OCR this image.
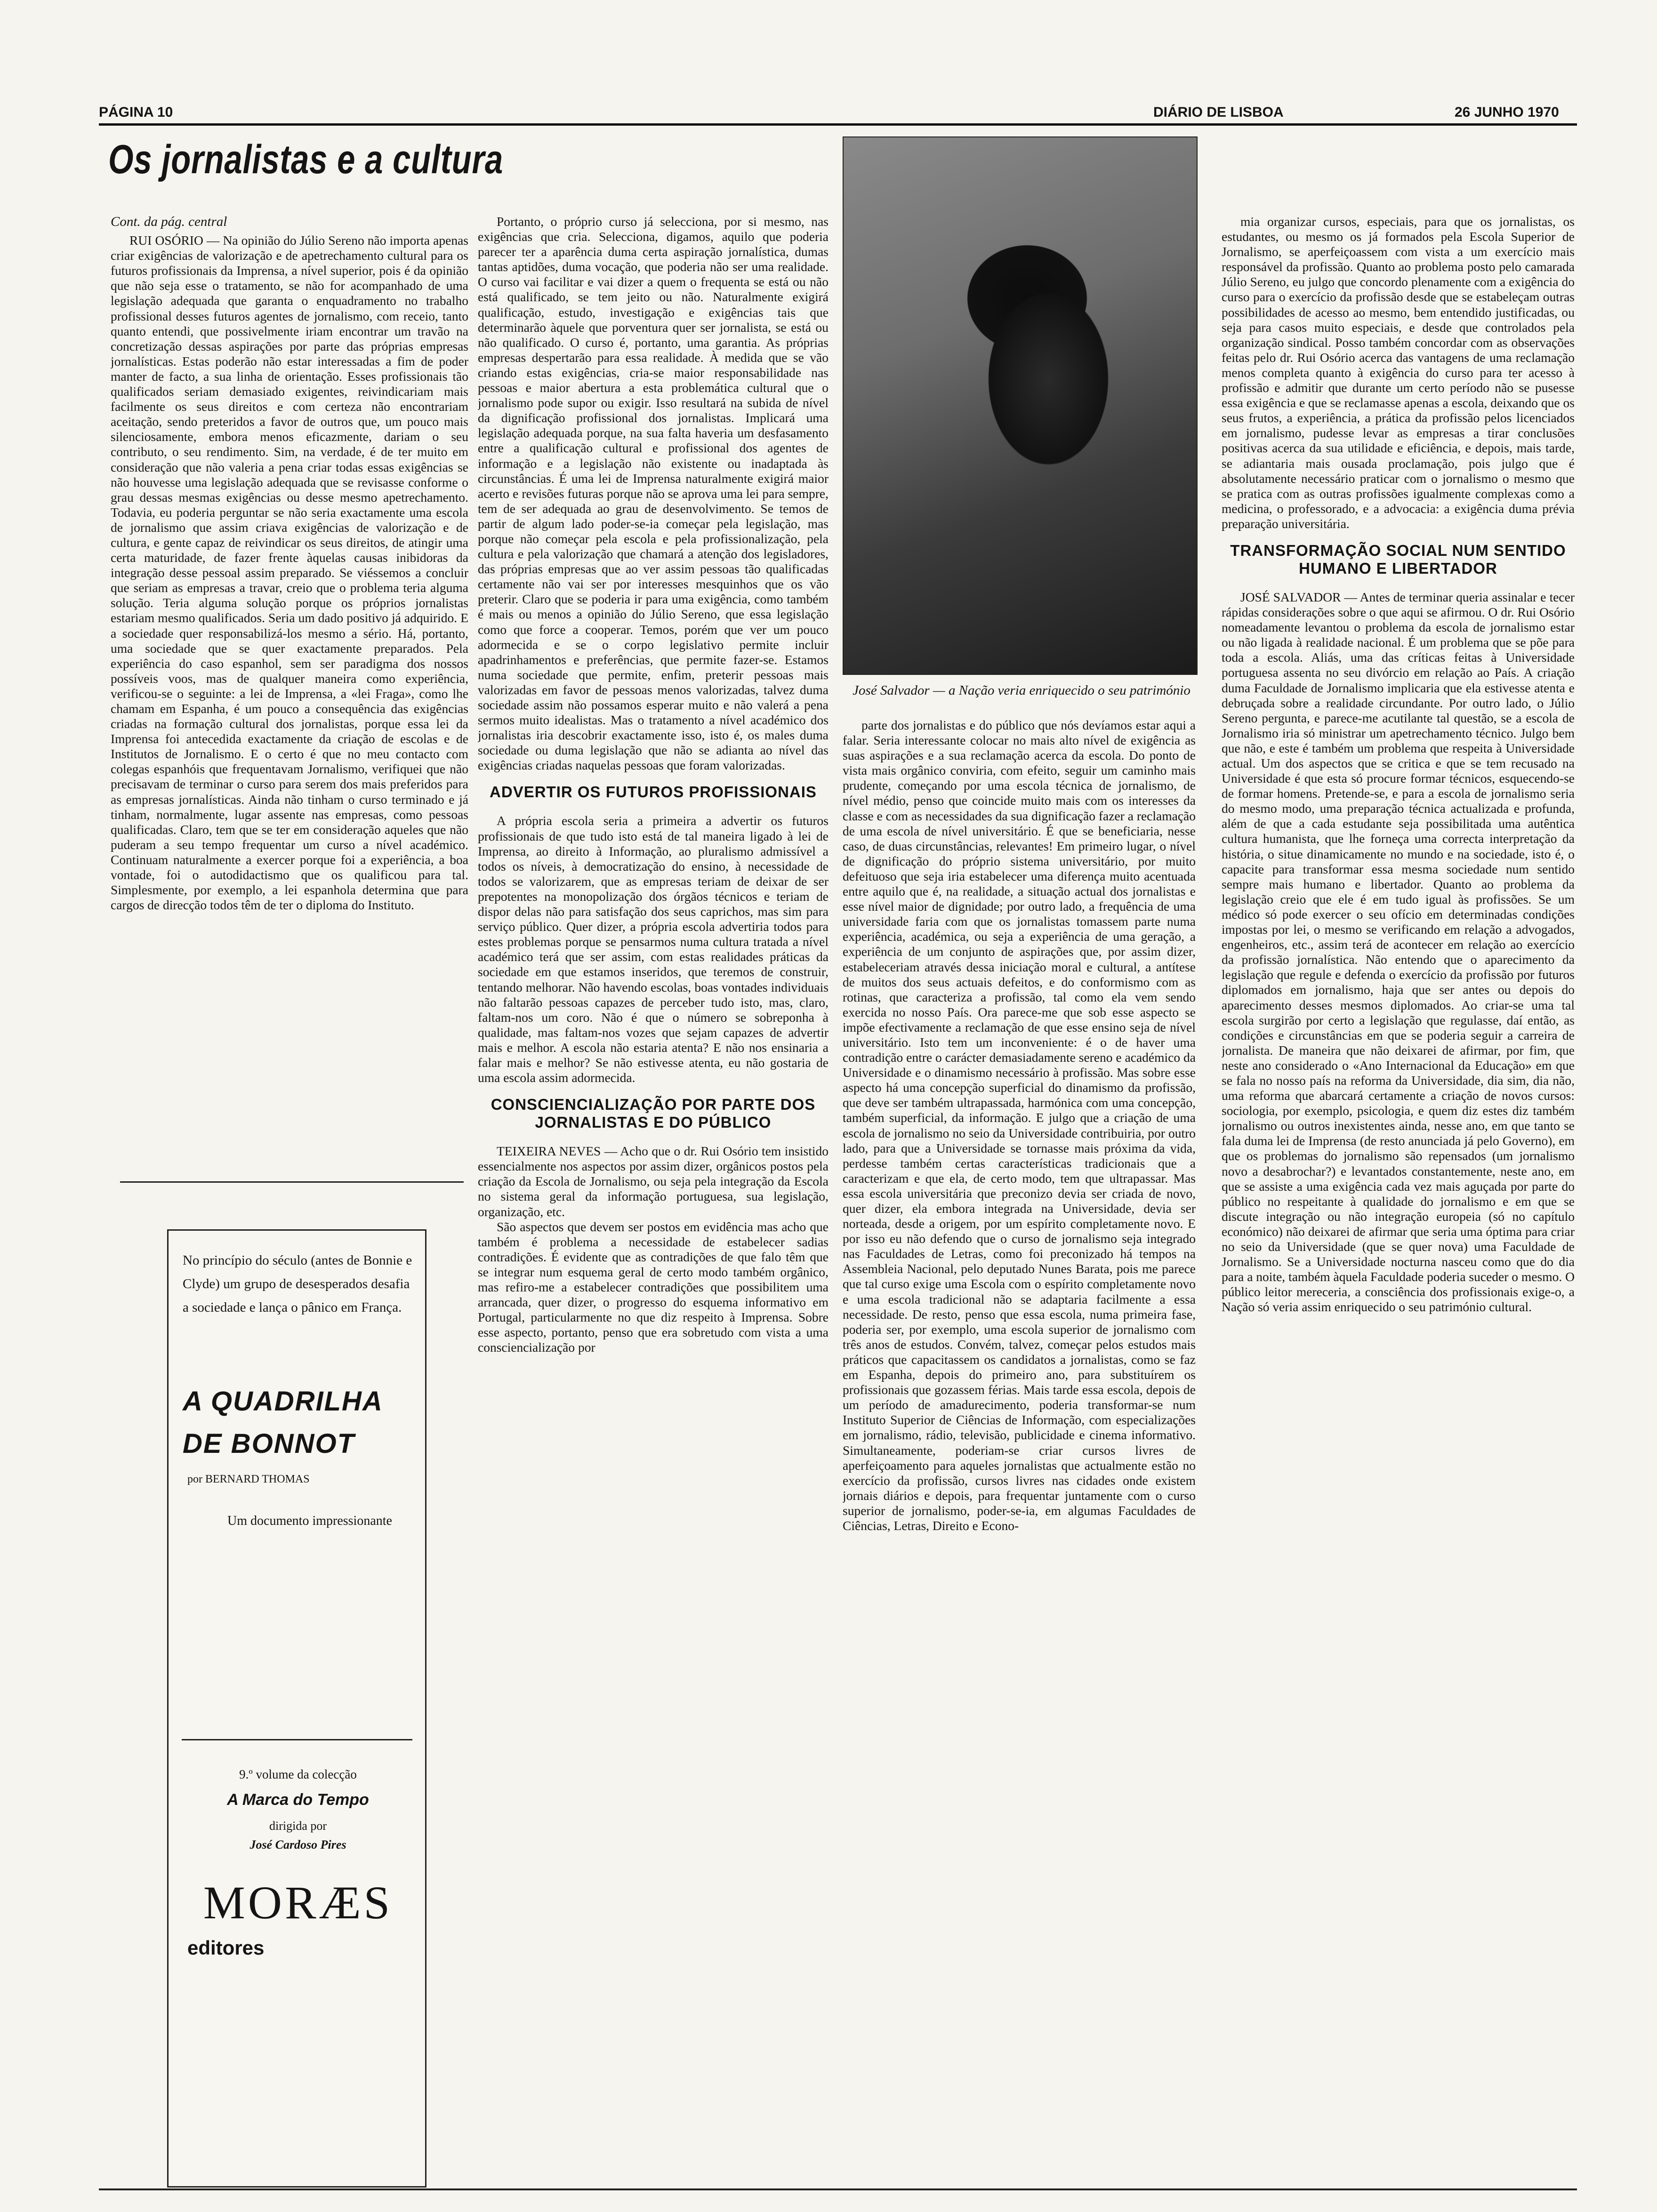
PÁGINA 10	DIÁRIO DE LISBOA	26 JUNHO 1970
Os jornalistas e a cultura

Cont. da pág. central

RUI OSÓRIO — Na opinião do Júlio Sereno não importa apenas criar exigências de valorização e de apetrechamento cultural para os futuros profissionais da Imprensa, a nível superior, pois é da opinião que não seja esse o tratamento, se não for acompanhado de uma legislação adequada que garanta o enquadramento no trabalho profissional desses futuros agentes de jornalismo, com receio, tanto quanto entendi, que possivelmente iriam encontrar um travão na concretização dessas aspirações por parte das próprias empresas jornalísticas. Estas poderão não estar interessadas a fim de poder manter de facto, a sua linha de orientação. Esses profissionais tão qualificados seriam demasiado exigentes, reivindicariam mais facilmente os seus direitos e com certeza não encontrariam aceitação, sendo preteridos a favor de outros que, um pouco mais silenciosamente, embora menos eficazmente, dariam o seu contributo, o seu rendimento. Sim, na verdade, é de ter muito em consideração que não valeria a pena criar todas essas exigências se não houvesse uma legislação adequada que se revisasse conforme o grau dessas mesmas exigências ou desse mesmo apetrechamento. Todavia, eu poderia perguntar se não seria exactamente uma escola de jornalismo que assim criava exigências de valorização e de cultura, e gente capaz de reivindicar os seus direitos, de atingir uma certa maturidade, de fazer frente àquelas causas inibidoras da integração desse pessoal assim preparado. Se viéssemos a concluir que seriam as empresas a travar, creio que o problema teria alguma solução. Teria alguma solução porque os próprios jornalistas estariam mesmo qualificados. Seria um dado positivo já adquirido. E a sociedade quer responsabilizá-los mesmo a sério. Há, portanto, uma sociedade que se quer exactamente preparados. Pela experiência do caso espanhol, sem ser paradigma dos nossos possíveis voos, mas de qualquer maneira como experiência, verificou-se o seguinte: a lei de Imprensa, a «lei Fraga», como lhe chamam em Espanha, é um pouco a consequência das exigências criadas na formação cultural dos jornalistas, porque essa lei da Imprensa foi antecedida exactamente da criação de escolas e de Institutos de Jornalismo. E o certo é que no meu contacto com colegas espanhóis que frequentavam Jornalismo, verifiquei que não precisavam de terminar o curso para serem dos mais preferidos para as empresas jornalísticas. Ainda não tinham o curso terminado e já tinham, normalmente, lugar assente nas empresas, como pessoas qualificadas. Claro, tem que se ter em consideração aqueles que não puderam a seu tempo frequentar um curso a nível académico. Continuam naturalmente a exercer porque foi a experiência, a boa vontade, foi o autodidactismo que os qualificou para tal. Simplesmente, por exemplo, a lei espanhola determina que para cargos de direcção todos têm de ter o diploma do Instituto.

No princípio do século (antes de Bonnie e Clyde) um grupo de desesperados desafia a sociedade e lança o pânico em França.
A QUADRILHA
DE BONNOT
por BERNARD THOMAS
Um documento impressionante
9.º volume da colecção
A Marca do Tempo
dirigida por
José Cardoso Pires
MORÆS
editores

Portanto, o próprio curso já selecciona, por si mesmo, nas exigências que cria. Selecciona, digamos, aquilo que poderia parecer ter a aparência duma certa aspiração jornalística, dumas tantas aptidões, duma vocação, que poderia não ser uma realidade. O curso vai facilitar e vai dizer a quem o frequenta se está ou não está qualificado, se tem jeito ou não. Naturalmente exigirá qualificação, estudo, investigação e exigências tais que determinarão àquele que porventura quer ser jornalista, se está ou não qualificado. O curso é, portanto, uma garantia. As próprias empresas despertarão para essa realidade. À medida que se vão criando estas exigências, cria-se maior responsabilidade nas pessoas e maior abertura a esta problemática cultural que o jornalismo pode supor ou exigir. Isso resultará na subida de nível da dignificação profissional dos jornalistas. Implicará uma legislação adequada porque, na sua falta haveria um desfasamento entre a qualificação cultural e profissional dos agentes de informação e a legislação não existente ou inadaptada às circunstâncias. É uma lei de Imprensa naturalmente exigirá maior acerto e revisões futuras porque não se aprova uma lei para sempre, tem de ser adequada ao grau de desenvolvimento. Se temos de partir de algum lado poder-se-ia começar pela legislação, mas porque não começar pela escola e pela profissionalização, pela cultura e pela valorização que chamará a atenção dos legisladores, das próprias empresas que ao ver assim pessoas tão qualificadas certamente não vai ser por interesses mesquinhos que os vão preterir. Claro que se poderia ir para uma exigência, como também é mais ou menos a opinião do Júlio Sereno, que essa legislação como que force a cooperar. Temos, porém que ver um pouco adormecida e se o corpo legislativo permite incluir apadrinhamentos e preferências, que permite fazer-se. Estamos numa sociedade que permite, enfim, preterir pessoas mais valorizadas em favor de pessoas menos valorizadas, talvez duma sociedade assim não possamos esperar muito e não valerá a pena sermos muito idealistas. Mas o tratamento a nível académico dos jornalistas iria descobrir exactamente isso, isto é, os males duma sociedade ou duma legislação que não se adianta ao nível das exigências criadas naquelas pessoas que foram valorizadas.

ADVERTIR OS FUTUROS PROFISSIONAIS

A própria escola seria a primeira a advertir os futuros profissionais de que tudo isto está de tal maneira ligado à lei de Imprensa, ao direito à Informação, ao pluralismo admissível a todos os níveis, à democratização do ensino, à necessidade de todos se valorizarem, que as empresas teriam de deixar de ser prepotentes na monopolização dos órgãos técnicos e teriam de dispor delas não para satisfação dos seus caprichos, mas sim para serviço público. Quer dizer, a própria escola advertiria todos para estes problemas porque se pensarmos numa cultura tratada a nível académico terá que ser assim, com estas realidades práticas da sociedade em que estamos inseridos, que teremos de construir, tentando melhorar. Não havendo escolas, boas vontades individuais não faltarão pessoas capazes de perceber tudo isto, mas, claro, faltam-nos um coro. Não é que o número se sobreponha à qualidade, mas faltam-nos vozes que sejam capazes de advertir mais e melhor. A escola não estaria atenta? E não nos ensinaria a falar mais e melhor? Se não estivesse atenta, eu não gostaria de uma escola assim adormecida.

CONSCIENCIALIZAÇÃO POR PARTE DOS JORNALISTAS E DO PÚBLICO

TEIXEIRA NEVES — Acho que o dr. Rui Osório tem insistido essencialmente nos aspectos por assim dizer, orgânicos postos pela criação da Escola de Jornalismo, ou seja pela integração da Escola no sistema geral da informação portuguesa, sua legislação, organização, etc.

São aspectos que devem ser postos em evidência mas acho que também é problema a necessidade de estabelecer sadias contradições. É evidente que as contradições de que falo têm que se integrar num esquema geral de certo modo também orgânico, mas refiro-me a estabelecer contradições que possibilitem uma arrancada, quer dizer, o progresso do esquema informativo em Portugal, particularmente no que diz respeito à Imprensa. Sobre esse aspecto, portanto, penso que era sobretudo com vista a uma consciencialização por

José Salvador — a Nação veria enriquecido o seu património

parte dos jornalistas e do público que nós devíamos estar aqui a falar. Seria interessante colocar no mais alto nível de exigência as suas aspirações e a sua reclamação acerca da escola. Do ponto de vista mais orgânico conviria, com efeito, seguir um caminho mais prudente, começando por uma escola técnica de jornalismo, de nível médio, penso que coincide muito mais com os interesses da classe e com as necessidades da sua dignificação fazer a reclamação de uma escola de nível universitário. É que se beneficiaria, nesse caso, de duas circunstâncias, relevantes! Em primeiro lugar, o nível de dignificação do próprio sistema universitário, por muito defeituoso que seja iria estabelecer uma diferença muito acentuada entre aquilo que é, na realidade, a situação actual dos jornalistas e esse nível maior de dignidade; por outro lado, a frequência de uma universidade faria com que os jornalistas tomassem parte numa experiência, académica, ou seja a experiência de uma geração, a experiência de um conjunto de aspirações que, por assim dizer, estabeleceriam através dessa iniciação moral e cultural, a antítese de muitos dos seus actuais defeitos, e do conformismo com as rotinas, que caracteriza a profissão, tal como ela vem sendo exercida no nosso País. Ora parece-me que sob esse aspecto se impõe efectivamente a reclamação de que esse ensino seja de nível universitário. Isto tem um inconveniente: é o de haver uma contradição entre o carácter demasiadamente sereno e académico da Universidade e o dinamismo necessário à profissão. Mas sobre esse aspecto há uma concepção superficial do dinamismo da profissão, que deve ser também ultrapassada, harmónica com uma concepção, também superficial, da informação. E julgo que a criação de uma escola de jornalismo no seio da Universidade contribuiria, por outro lado, para que a Universidade se tornasse mais próxima da vida, perdesse também certas características tradicionais que a caracterizam e que ela, de certo modo, tem que ultrapassar. Mas essa escola universitária que preconizo devia ser criada de novo, quer dizer, ela embora integrada na Universidade, devia ser norteada, desde a origem, por um espírito completamente novo. E por isso eu não defendo que o curso de jornalismo seja integrado nas Faculdades de Letras, como foi preconizado há tempos na Assembleia Nacional, pelo deputado Nunes Barata, pois me parece que tal curso exige uma Escola com o espírito completamente novo e uma escola tradicional não se adaptaria facilmente a essa necessidade. De resto, penso que essa escola, numa primeira fase, poderia ser, por exemplo, uma escola superior de jornalismo com três anos de estudos. Convém, talvez, começar pelos estudos mais práticos que capacitassem os candidatos a jornalistas, como se faz em Espanha, depois do primeiro ano, para substituírem os profissionais que gozassem férias. Mais tarde essa escola, depois de um período de amadurecimento, poderia transformar-se num Instituto Superior de Ciências de Informação, com especializações em jornalismo, rádio, televisão, publicidade e cinema informativo. Simultaneamente, poderiam-se criar cursos livres de aperfeiçoamento para aqueles jornalistas que actualmente estão no exercício da profissão, cursos livres nas cidades onde existem jornais diários e depois, para frequentar juntamente com o curso superior de jornalismo, poder-se-ia, em algumas Faculdades de Ciências, Letras, Direito e Econo-

mia organizar cursos, especiais, para que os jornalistas, os estudantes, ou mesmo os já formados pela Escola Superior de Jornalismo, se aperfeiçoassem com vista a um exercício mais responsável da profissão. Quanto ao problema posto pelo camarada Júlio Sereno, eu julgo que concordo plenamente com a exigência do curso para o exercício da profissão desde que se estabeleçam outras possibilidades de acesso ao mesmo, bem entendido justificadas, ou seja para casos muito especiais, e desde que controlados pela organização sindical. Posso também concordar com as observações feitas pelo dr. Rui Osório acerca das vantagens de uma reclamação menos completa quanto à exigência do curso para ter acesso à profissão e admitir que durante um certo período não se pusesse essa exigência e que se reclamasse apenas a escola, deixando que os seus frutos, a experiência, a prática da profissão pelos licenciados em jornalismo, pudesse levar as empresas a tirar conclusões positivas acerca da sua utilidade e eficiência, e depois, mais tarde, se adiantaria mais ousada proclamação, pois julgo que é absolutamente necessário praticar com o jornalismo o mesmo que se pratica com as outras profissões igualmente complexas como a medicina, o professorado, e a advocacia: a exigência duma prévia preparação universitária.

TRANSFORMAÇÃO SOCIAL NUM SENTIDO HUMANO E LIBERTADOR

JOSÉ SALVADOR — Antes de terminar queria assinalar e tecer rápidas considerações sobre o que aqui se afirmou. O dr. Rui Osório nomeadamente levantou o problema da escola de jornalismo estar ou não ligada à realidade nacional. É um problema que se põe para toda a escola. Aliás, uma das críticas feitas à Universidade portuguesa assenta no seu divórcio em relação ao País. A criação duma Faculdade de Jornalismo implicaria que ela estivesse atenta e debruçada sobre a realidade circundante. Por outro lado, o Júlio Sereno pergunta, e parece-me acutilante tal questão, se a escola de Jornalismo iria só ministrar um apetrechamento técnico. Julgo bem que não, e este é também um problema que respeita à Universidade actual. Um dos aspectos que se critica e que se tem recusado na Universidade é que esta só procure formar técnicos, esquecendo-se de formar homens. Pretende-se, e para a escola de jornalismo seria do mesmo modo, uma preparação técnica actualizada e profunda, além de que a cada estudante seja possibilitada uma autêntica cultura humanista, que lhe forneça uma correcta interpretação da história, o situe dinamicamente no mundo e na sociedade, isto é, o capacite para transformar essa mesma sociedade num sentido sempre mais humano e libertador. Quanto ao problema da legislação creio que ele é em tudo igual às profissões. Se um médico só pode exercer o seu ofício em determinadas condições impostas por lei, o mesmo se verificando em relação a advogados, engenheiros, etc., assim terá de acontecer em relação ao exercício da profissão jornalística. Não entendo que o aparecimento da legislação que regule e defenda o exercício da profissão por futuros diplomados em jornalismo, haja que ser antes ou depois do aparecimento desses mesmos diplomados. Ao criar-se uma tal escola surgirão por certo a legislação que regulasse, daí então, as condições e circunstâncias em que se poderia seguir a carreira de jornalista. De maneira que não deixarei de afirmar, por fim, que neste ano considerado o «Ano Internacional da Educação» em que se fala no nosso país na reforma da Universidade, dia sim, dia não, uma reforma que abarcará certamente a criação de novos cursos: sociologia, por exemplo, psicologia, e quem diz estes diz também jornalismo ou outros inexistentes ainda, nesse ano, em que tanto se fala duma lei de Imprensa (de resto anunciada já pelo Governo), em que os problemas do jornalismo são repensados (um jornalismo novo a desabrochar?) e levantados constantemente, neste ano, em que se assiste a uma exigência cada vez mais aguçada por parte do público no respeitante à qualidade do jornalismo e em que se discute integração ou não integração europeia (só no capítulo económico) não deixarei de afirmar que seria uma óptima para criar no seio da Universidade (que se quer nova) uma Faculdade de Jornalismo. Se a Universidade nocturna nasceu como que do dia para a noite, também àquela Faculdade poderia suceder o mesmo. O público leitor mereceria, a consciência dos profissionais exige-o, a Nação só veria assim enriquecido o seu património cultural.
